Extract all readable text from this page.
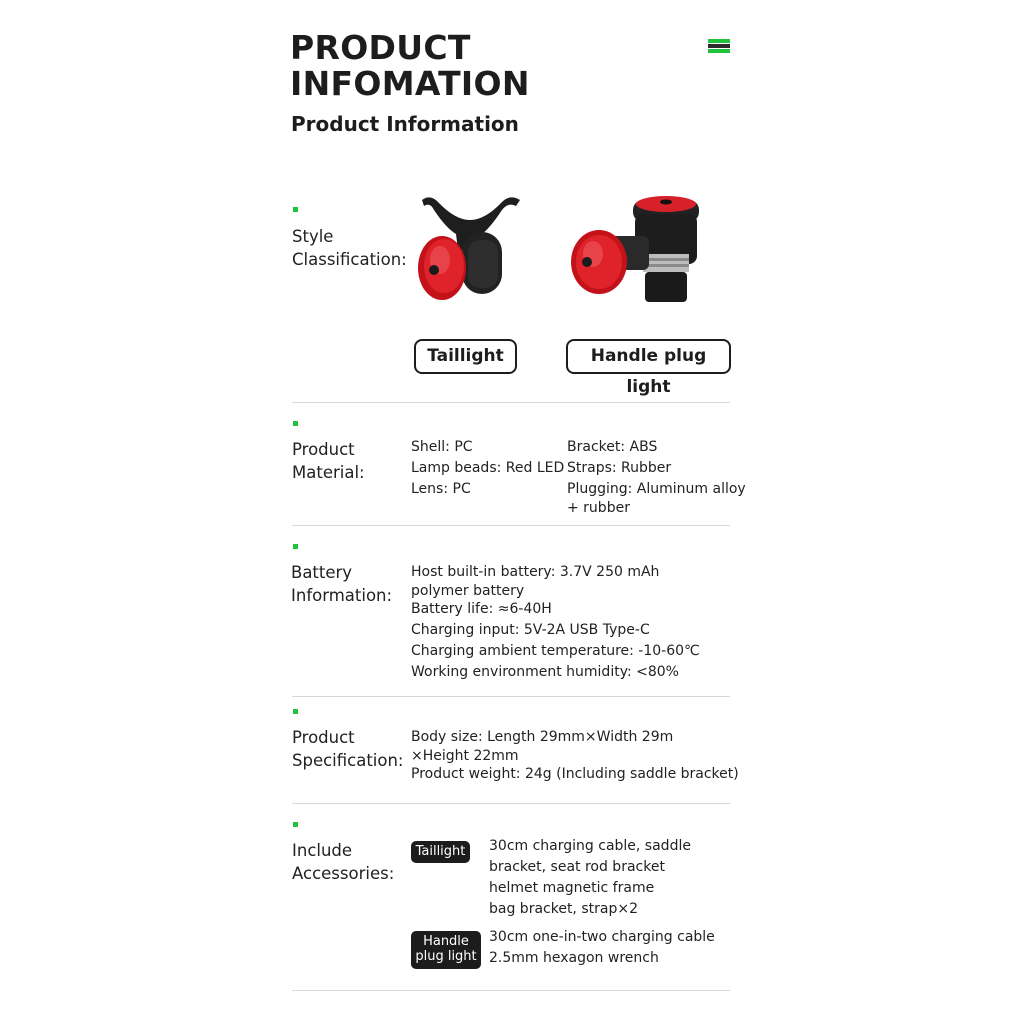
PRODUCT
INFOMATION
Product Information
Style
Classification:
Taillight	Handle plug light
Product
Material:
Shell: PC
Lamp beads: Red LED
Lens: PC
Bracket: ABS
Straps: Rubber
Plugging: Aluminum alloy
+ rubber
Battery
Information:
Host built-in battery: 3.7V 250 mAh
polymer battery
Battery life: ≈6-40H
Charging input: 5V-2A USB Type-C
Charging ambient temperature: -10-60℃
Working environment humidity: <80%
Product
Specification:
Body size: Length 29mm×Width 29m
×Height 22mm
Product weight: 24g (Including saddle bracket)
Include
Accessories:
Taillight	30cm charging cable, saddle
bracket, seat rod bracket
helmet magnetic frame
bag bracket, strap×2
Handle
plug light
30cm one-in-two charging cable
2.5mm hexagon wrench
